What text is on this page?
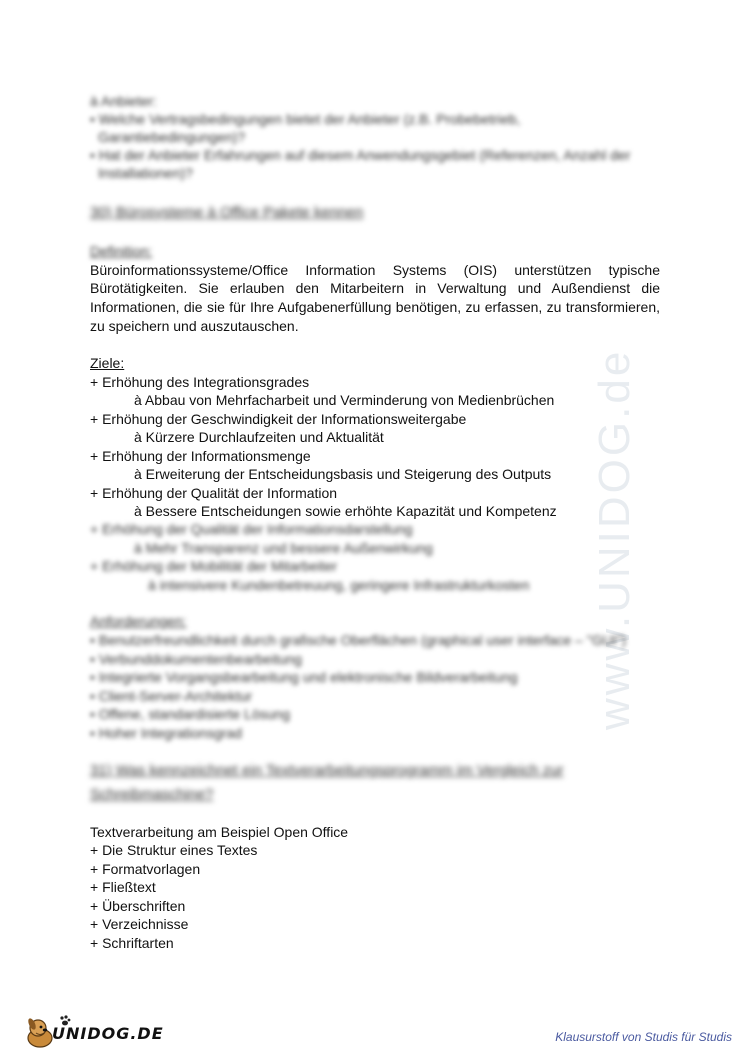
www.UNIDOG.de
à Anbieter:
• Welche Vertragsbedingungen bietet der Anbieter (z.B. Probebetrieb,
Garantiebedingungen)?
• Hat der Anbieter Erfahrungen auf diesem Anwendungsgebiet (Referenzen, Anzahl der
Installationen)?
30) Bürosysteme à Office Pakete kennen
Definition:
Büroinformationssysteme/Office Information Systems (OIS) unterstützen typische
Bürotätigkeiten. Sie erlauben den Mitarbeitern in Verwaltung und Außendienst die
Informationen, die sie für Ihre Aufgabenerfüllung benötigen, zu erfassen, zu transformieren,
zu speichern und auszutauschen.
Ziele:
+ Erhöhung des Integrationsgrades
à Abbau von Mehrfacharbeit und Verminderung von Medienbrüchen
+ Erhöhung der Geschwindigkeit der Informationsweitergabe
à Kürzere Durchlaufzeiten und Aktualität
+ Erhöhung der Informationsmenge
à Erweiterung der Entscheidungsbasis und Steigerung des Outputs
+ Erhöhung der Qualität der Information
à Bessere Entscheidungen sowie erhöhte Kapazität und Kompetenz
+ Erhöhung der Qualität der Informationsdarstellung
à Mehr Transparenz und bessere Außenwirkung
+ Erhöhung der Mobilität der Mitarbeiter
à intensivere Kundenbetreuung, geringere Infrastrukturkosten
Anforderungen:
• Benutzerfreundlichkeit durch grafische Oberflächen (graphical user interface – "GUI")
• Verbunddokumentenbearbeitung
• Integrierte Vorgangsbearbeitung und elektronische Bildverarbeitung
• Client-Server-Architektur
• Offene, standardisierte Lösung
• Hoher Integrationsgrad
31) Was kennzeichnet ein Textverarbeitungsprogramm im Vergleich zur
Schreibmaschine?
Textverarbeitung am Beispiel Open Office
+ Die Struktur eines Textes
+ Formatvorlagen
+ Fließtext
+ Überschriften
+ Verzeichnisse
+ Schriftarten
UNIDOG.DE	Klausurstoff von Studis für Studis
